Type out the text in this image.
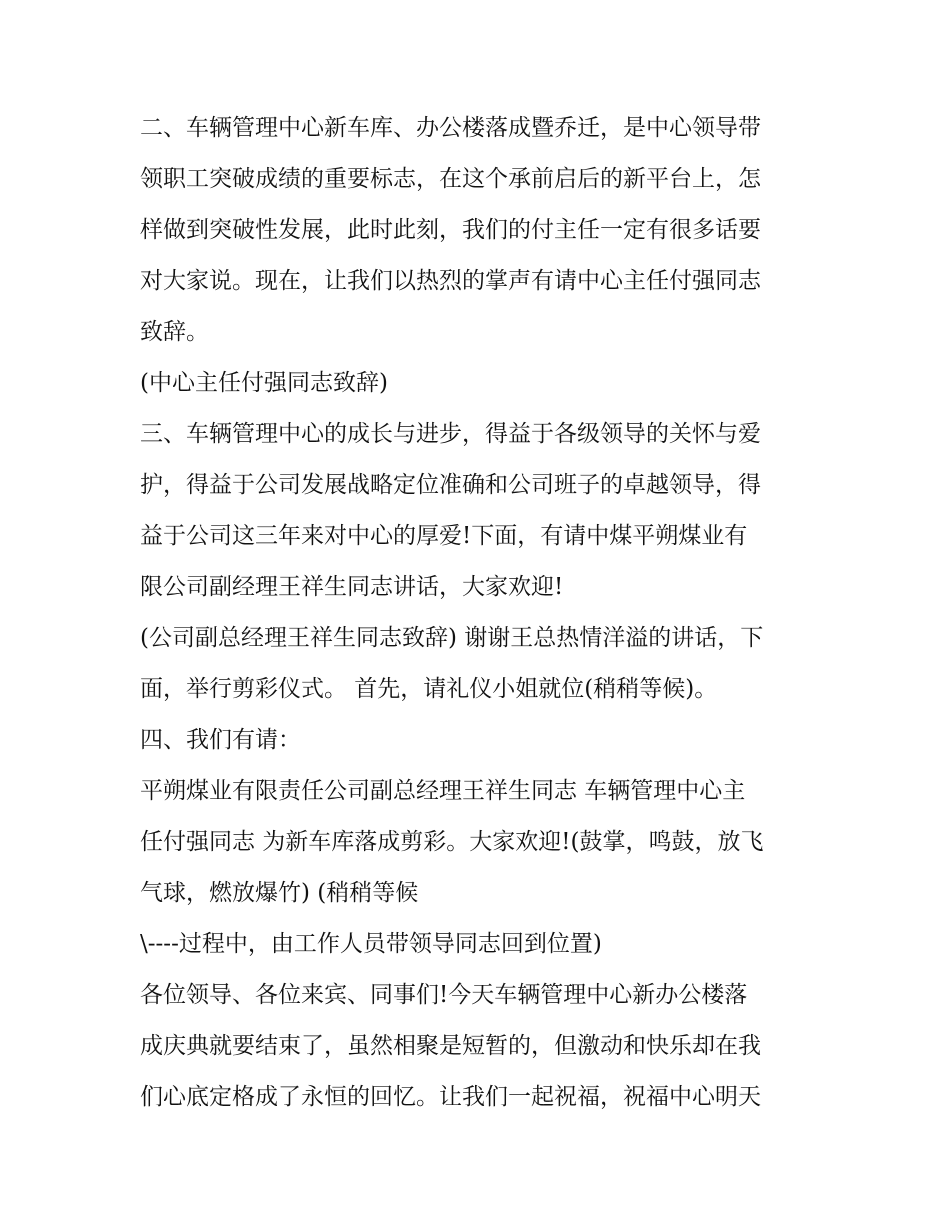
二、车辆管理中心新车库、办公楼落成暨乔迁，是中心领导带
领职工突破成绩的重要标志，在这个承前启后的新平台上，怎
样做到突破性发展，此时此刻，我们的付主任一定有很多话要
对大家说。现在，让我们以热烈的掌声有请中心主任付强同志
致辞。
(中心主任付强同志致辞)
三、车辆管理中心的成长与进步，得益于各级领导的关怀与爱
护，得益于公司发展战略定位准确和公司班子的卓越领导，得
益于公司这三年来对中心的厚爱!下面，有请中煤平朔煤业有
限公司副经理王祥生同志讲话，大家欢迎!
(公司副总经理王祥生同志致辞) 谢谢王总热情洋溢的讲话，下
面，举行剪彩仪式。 首先，请礼仪小姐就位(稍稍等候)。
四、我们有请：
平朔煤业有限责任公司副总经理王祥生同志 车辆管理中心主
任付强同志 为新车库落成剪彩。大家欢迎!(鼓掌，鸣鼓，放飞
气球，燃放爆竹) (稍稍等候
\----过程中，由工作人员带领导同志回到位置)
各位领导、各位来宾、同事们!今天车辆管理中心新办公楼落
成庆典就要结束了，虽然相聚是短暂的，但激动和快乐却在我
们心底定格成了永恒的回忆。让我们一起祝福，祝福中心明天
